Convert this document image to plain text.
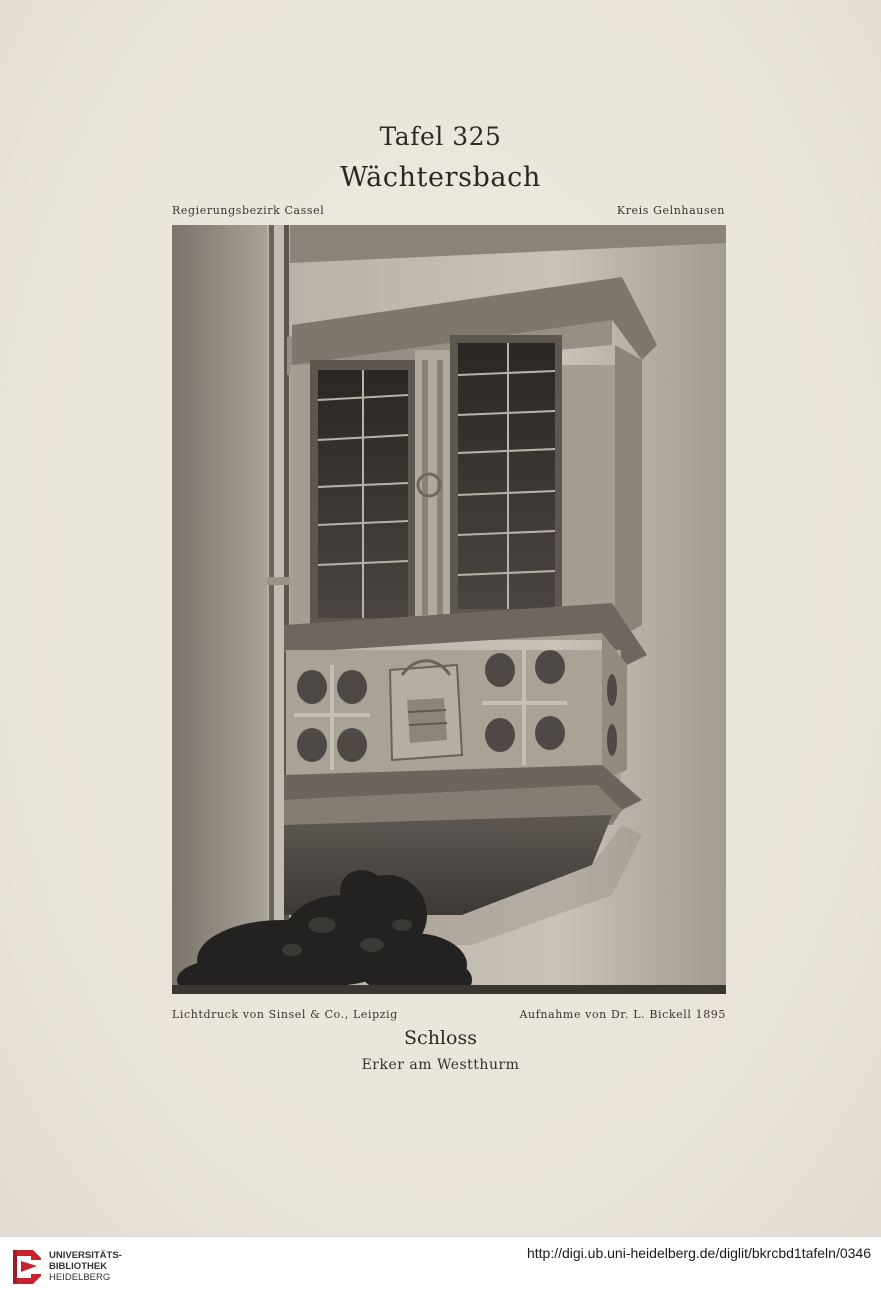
Tafel 325
Wächtersbach
Regierungsbezirk Cassel	Kreis Gelnhausen
Lichtdruck von Sinsel & Co., Leipzig	Aufnahme von Dr. L. Bickell 1895
Schloss
Erker am Westthurm
UNIVERSITÄTS-
BIBLIOTHEK
HEIDELBERG
http://digi.ub.uni-heidelberg.de/diglit/bkrcbd1tafeln/0346
